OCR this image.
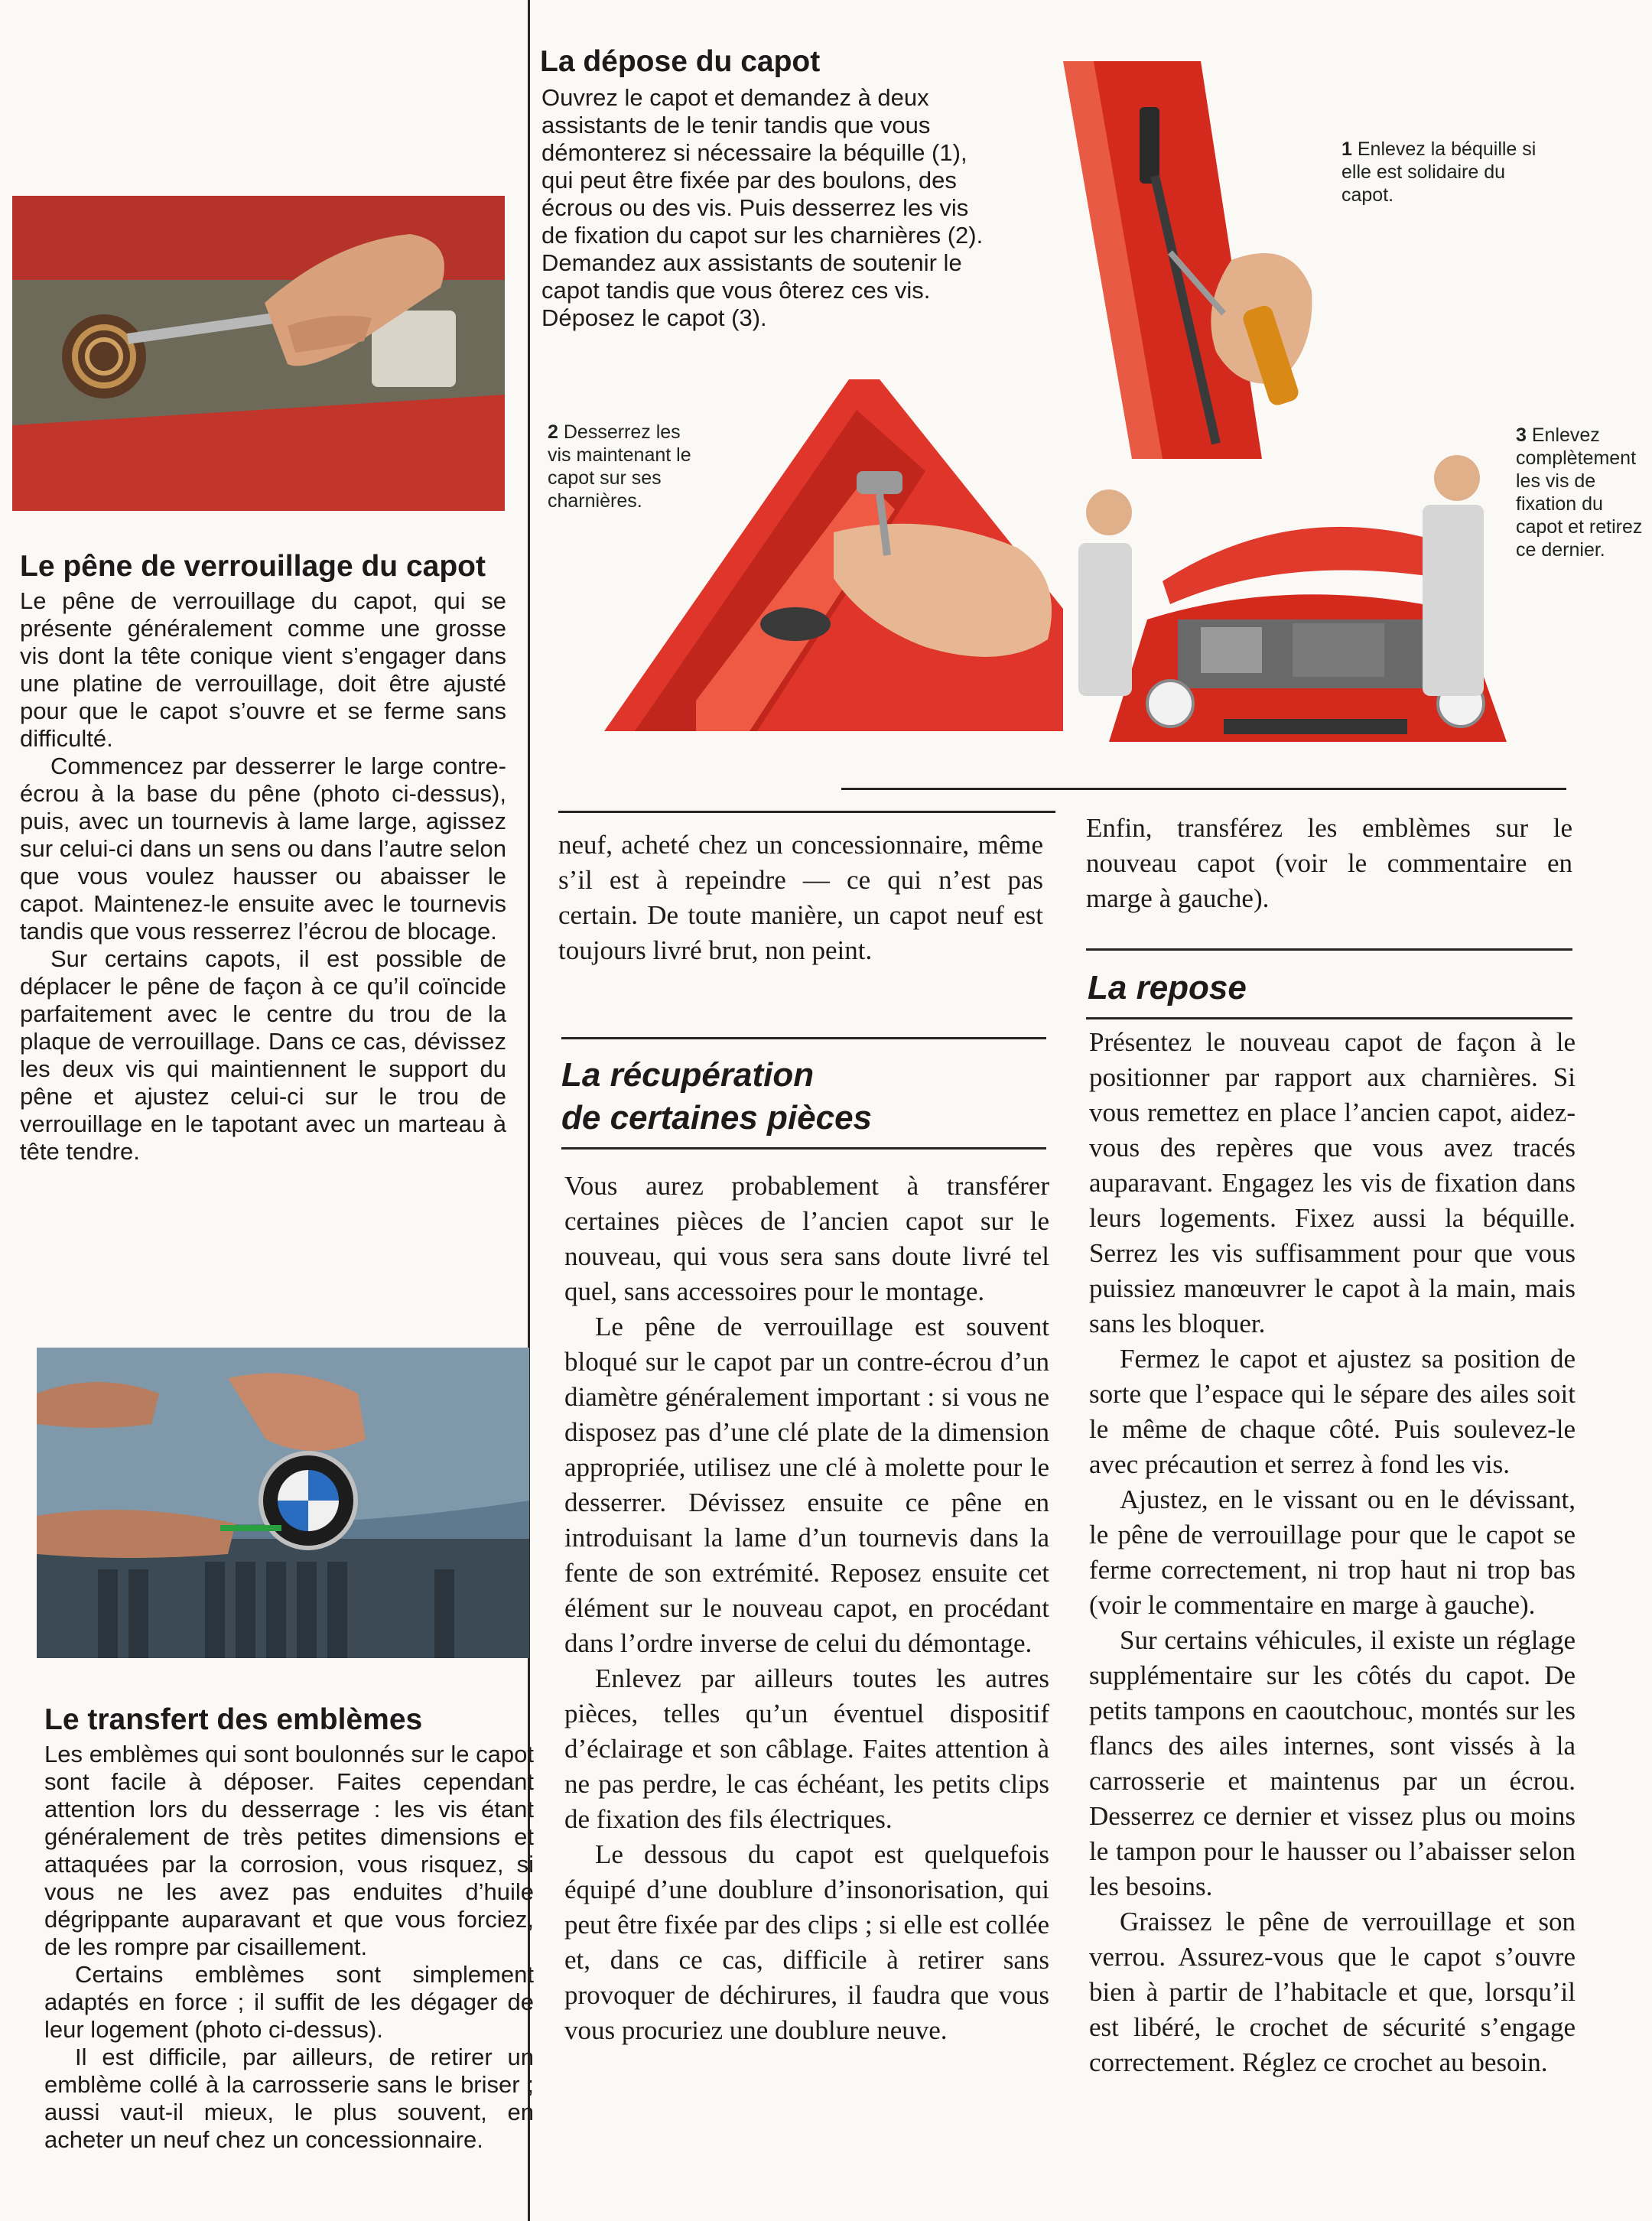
Le pêne de verrouillage du capot

Le pêne de verrouillage du capot, qui se présente généralement comme une grosse vis dont la tête conique vient s’engager dans une platine de verrouillage, doit être ajusté pour que le capot s’ouvre et se ferme sans difficulté.

Commencez par desserrer le large contre-écrou à la base du pêne (photo ci-dessus), puis, avec un tournevis à lame large, agissez sur celui-ci dans un sens ou dans l’autre selon que vous voulez hausser ou abaisser le capot. Maintenez-le ensuite avec le tournevis tandis que vous resserrez l’écrou de blocage.

Sur certains capots, il est possible de déplacer le pêne de façon à ce qu’il coïncide parfaitement avec le centre du trou de la plaque de verrouillage. Dans ce cas, dévissez les deux vis qui maintiennent le support du pêne et ajustez celui-ci sur le trou de verrouillage en le tapotant avec un marteau à tête tendre.

Le transfert des emblèmes

Les emblèmes qui sont boulonnés sur le capot sont facile à déposer. Faites cependant attention lors du desserrage : les vis étant généralement de très petites dimensions et attaquées par la corrosion, vous risquez, si vous ne les avez pas enduites d’huile dégrippante auparavant et que vous forciez, de les rompre par cisaillement.

Certains emblèmes sont simplement adaptés en force ; il suffit de les dégager de leur logement (photo ci-dessus).

Il est difficile, par ailleurs, de retirer un emblème collé à la carrosserie sans le briser ; aussi vaut-il mieux, le plus souvent, en acheter un neuf chez un concessionnaire.

La dépose du capot
Ouvrez le capot et demandez à deux
assistants de le tenir tandis que vous
démonterez si nécessaire la béquille (1),
qui peut être fixée par des boulons, des
écrous ou des vis. Puis desserrez les vis
de fixation du capot sur les charnières (2).
Demandez aux assistants de soutenir le
capot tandis que vous ôterez ces vis.
Déposez le capot (3).
1 Enlevez la béquille si elle est solidaire du capot.
2 Desserrez les vis maintenant le capot sur ses charnières.
3 Enlevez complètement les vis de fixation du capot et retirez ce dernier.
neuf, acheté chez un concessionnaire, même s’il est à repeindre — ce qui n’est pas certain. De toute manière, un capot neuf est toujours livré brut, non peint.
La récupération
de certaines pièces

Vous aurez probablement à transférer certaines pièces de l’ancien capot sur le nouveau, qui vous sera sans doute livré tel quel, sans accessoires pour le montage.

Le pêne de verrouillage est souvent bloqué sur le capot par un contre-écrou d’un diamètre généralement important : si vous ne disposez pas d’une clé plate de la dimension appropriée, utilisez une clé à molette pour le desserrer. Dévissez ensuite ce pêne en introduisant la lame d’un tournevis dans la fente de son extrémité. Reposez ensuite cet élément sur le nouveau capot, en procédant dans l’ordre inverse de celui du démontage.

Enlevez par ailleurs toutes les autres pièces, telles qu’un éventuel dispositif d’éclairage et son câblage. Faites attention à ne pas perdre, le cas échéant, les petits clips de fixation des fils électriques.

Le dessous du capot est quelquefois équipé d’une doublure d’insonorisation, qui peut être fixée par des clips ; si elle est collée et, dans ce cas, difficile à retirer sans provoquer de déchirures, il faudra que vous vous procuriez une doublure neuve.

Enfin, transférez les emblèmes sur le nouveau capot (voir le commentaire en marge à gauche).
La repose

Présentez le nouveau capot de façon à le positionner par rapport aux charnières. Si vous remettez en place l’ancien capot, aidez-vous des repères que vous avez tracés auparavant. Engagez les vis de fixation dans leurs logements. Fixez aussi la béquille. Serrez les vis suffisamment pour que vous puissiez manœuvrer le capot à la main, mais sans les bloquer.

Fermez le capot et ajustez sa position de sorte que l’espace qui le sépare des ailes soit le même de chaque côté. Puis soulevez-le avec précaution et serrez à fond les vis.

Ajustez, en le vissant ou en le dévissant, le pêne de verrouillage pour que le capot se ferme correctement, ni trop haut ni trop bas (voir le commentaire en marge à gauche).

Sur certains véhicules, il existe un réglage supplémentaire sur les côtés du capot. De petits tampons en caoutchouc, montés sur les flancs des ailes internes, sont vissés à la carrosserie et maintenus par un écrou. Desserrez ce dernier et vissez plus ou moins le tampon pour le hausser ou l’abaisser selon les besoins.

Graissez le pêne de verrouillage et son verrou. Assurez-vous que le capot s’ouvre bien à partir de l’habitacle et que, lorsqu’il est libéré, le crochet de sécurité s’engage correctement. Réglez ce crochet au besoin.
